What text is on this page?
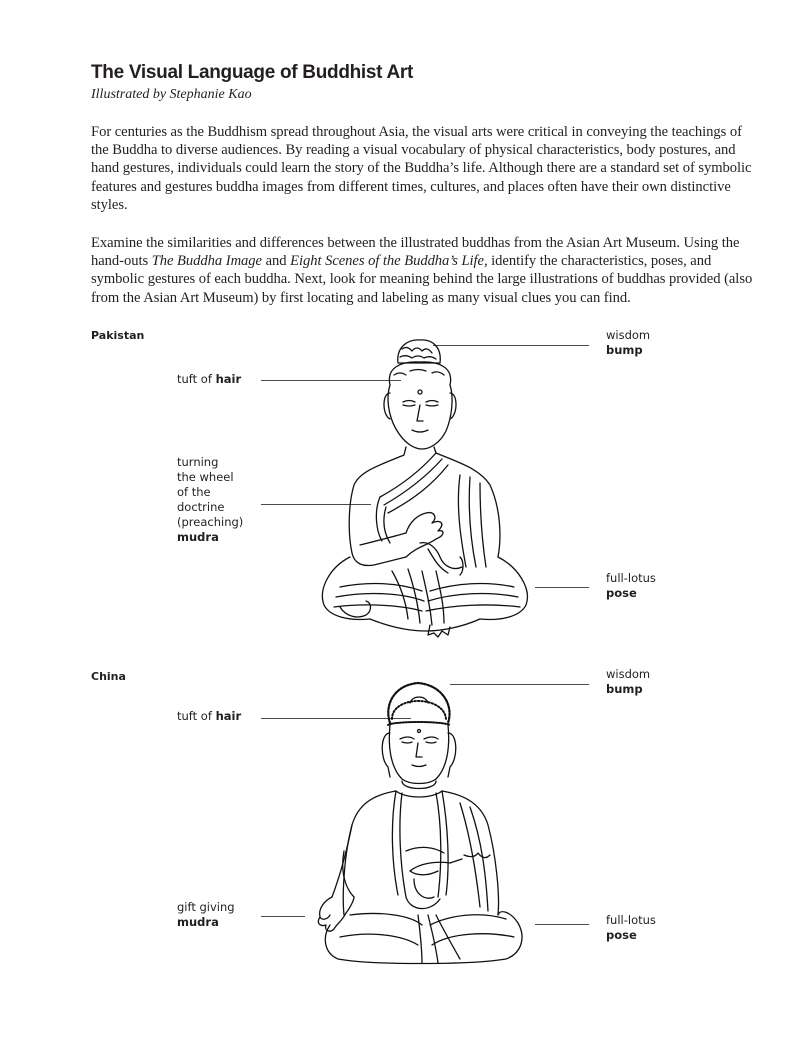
The Visual Language of Buddhist Art

Illustrated by Stephanie Kao

For centuries as the Buddhism spread throughout Asia, the visual arts were critical in conveying the teachings of the Buddha to diverse audiences. By reading a visual vocabulary of physical characteristics, body postures, and hand gestures, individuals could learn the story of the Buddha’s life. Although there are a standard set of symbolic features and gestures buddha images from different times, cultures, and places often have their own distinctive styles.

Examine the similarities and differences between the illustrated buddhas from the Asian Art Museum. Using the hand-outs The Buddha Image and Eight Scenes of the Buddha’s Life, identify the characteristics, poses, and symbolic gestures of each buddha. Next, look for meaning behind the large illustrations of buddhas provided (also from the Asian Art Museum) by first locating and labeling as many visual clues you can find.

Pakistan	wisdom
bump
tuft of hair
turning
the wheel
of the
doctrine
(preaching)
mudra
full-lotus
pose
China	wisdom
bump
tuft of hair
gift giving
mudra	full-lotus
pose
